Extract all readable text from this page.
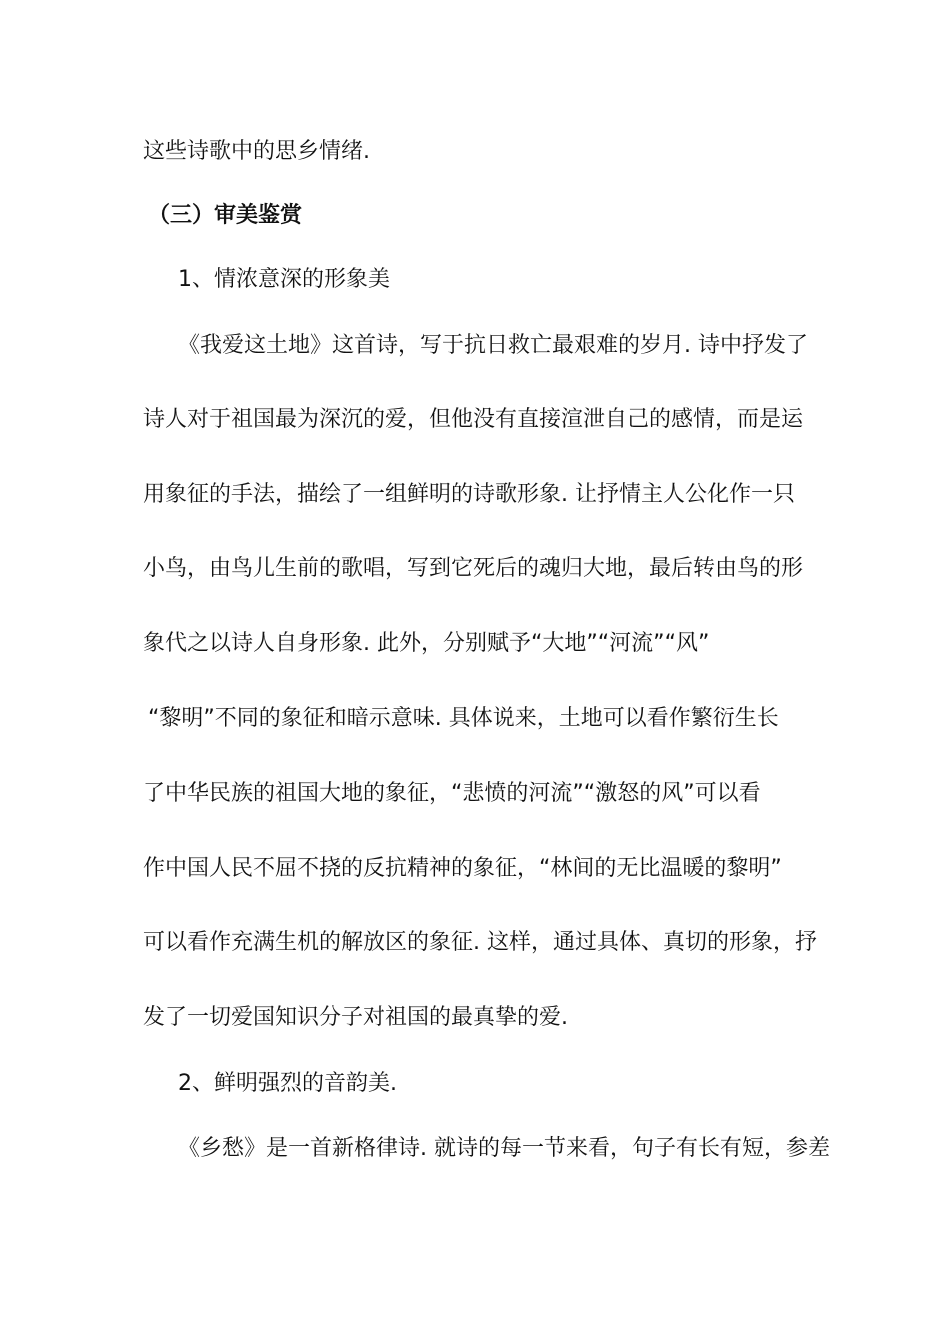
这些诗歌中的思乡情绪.
（三）审美鉴赏
1、情浓意深的形象美
《我爱这土地》这首诗，写于抗日救亡最艰难的岁月. 诗中抒发了
诗人对于祖国最为深沉的爱，但他没有直接渲泄自己的感情，而是运
用象征的手法，描绘了一组鲜明的诗歌形象. 让抒情主人公化作一只
小鸟，由鸟儿生前的歌唱，写到它死后的魂归大地，最后转由鸟的形
象代之以诗人自身形象. 此外，分别赋予“大地”“河流”“风”
“黎明”不同的象征和暗示意味. 具体说来，土地可以看作繁衍生长
了中华民族的祖国大地的象征，“悲愤的河流”“激怒的风”可以看
作中国人民不屈不挠的反抗精神的象征，“林间的无比温暖的黎明”
可以看作充满生机的解放区的象征. 这样，通过具体、真切的形象，抒
发了一切爱国知识分子对祖国的最真挚的爱.
2、鲜明强烈的音韵美.
《乡愁》是一首新格律诗. 就诗的每一节来看，句子有长有短，参差
